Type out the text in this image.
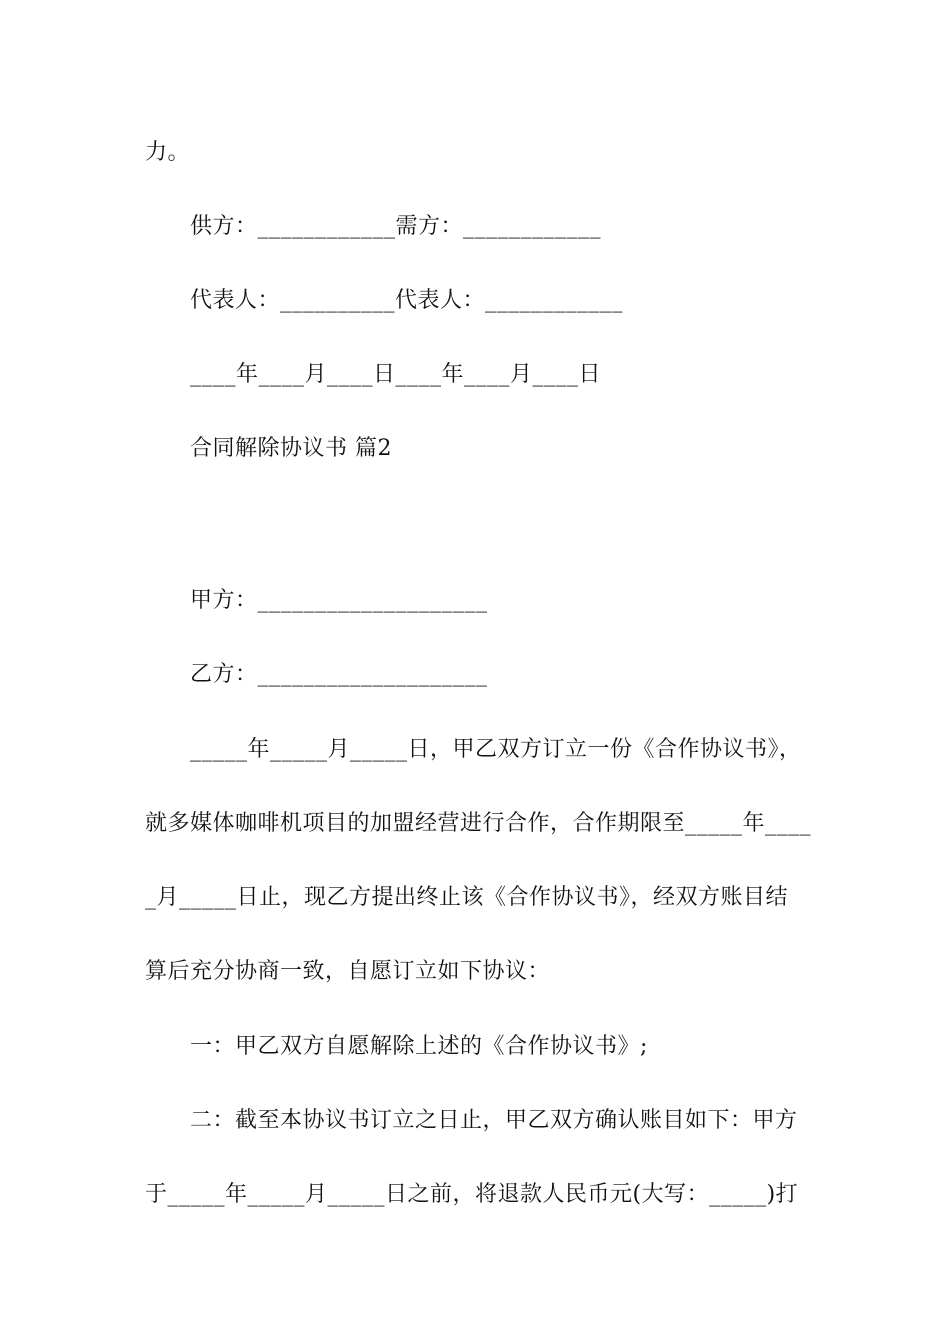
力。
供方：____________需方：____________
代表人：__________代表人：____________
____年____月____日____年____月____日
合同解除协议书 篇2
甲方：____________________
乙方：____________________
_____年_____月_____日，甲乙双方订立一份《合作协议书》，
就多媒体咖啡机项目的加盟经营进行合作，合作期限至_____年____
_月_____日止，现乙方提出终止该《合作协议书》，经双方账目结
算后充分协商一致，自愿订立如下协议：
一：甲乙双方自愿解除上述的《合作协议书》;
二：截至本协议书订立之日止，甲乙双方确认账目如下：甲方
于_____年_____月_____日之前，将退款人民币元(大写：_____)打
